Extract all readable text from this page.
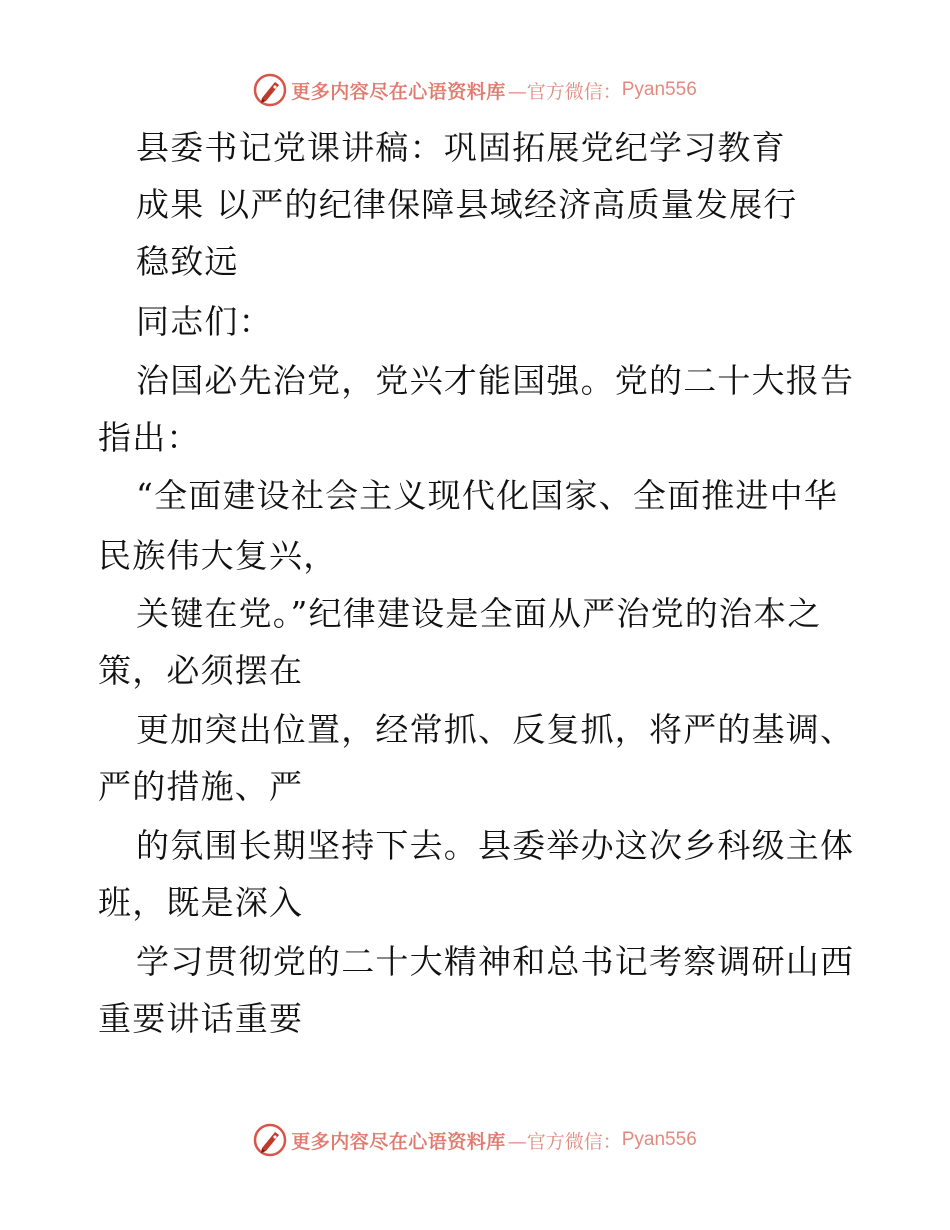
更多内容尽在心语资料库 —官方微信： Pyan556
县委书记党课讲稿：巩固拓展党纪学习教育
成果 以严的纪律保障县域经济高质量发展行
稳致远
同志们：
治国必先治党，党兴才能国强。党的二十大报告
指出：
“全面建设社会主义现代化国家、全面推进中华
民族伟大复兴，
关键在党。”纪律建设是全面从严治党的治本之
策，必须摆在
更加突出位置，经常抓、反复抓，将严的基调、
严的措施、严
的氛围长期坚持下去。县委举办这次乡科级主体
班，既是深入
学习贯彻党的二十大精神和总书记考察调研山西
重要讲话重要
更多内容尽在心语资料库 —官方微信： Pyan556
